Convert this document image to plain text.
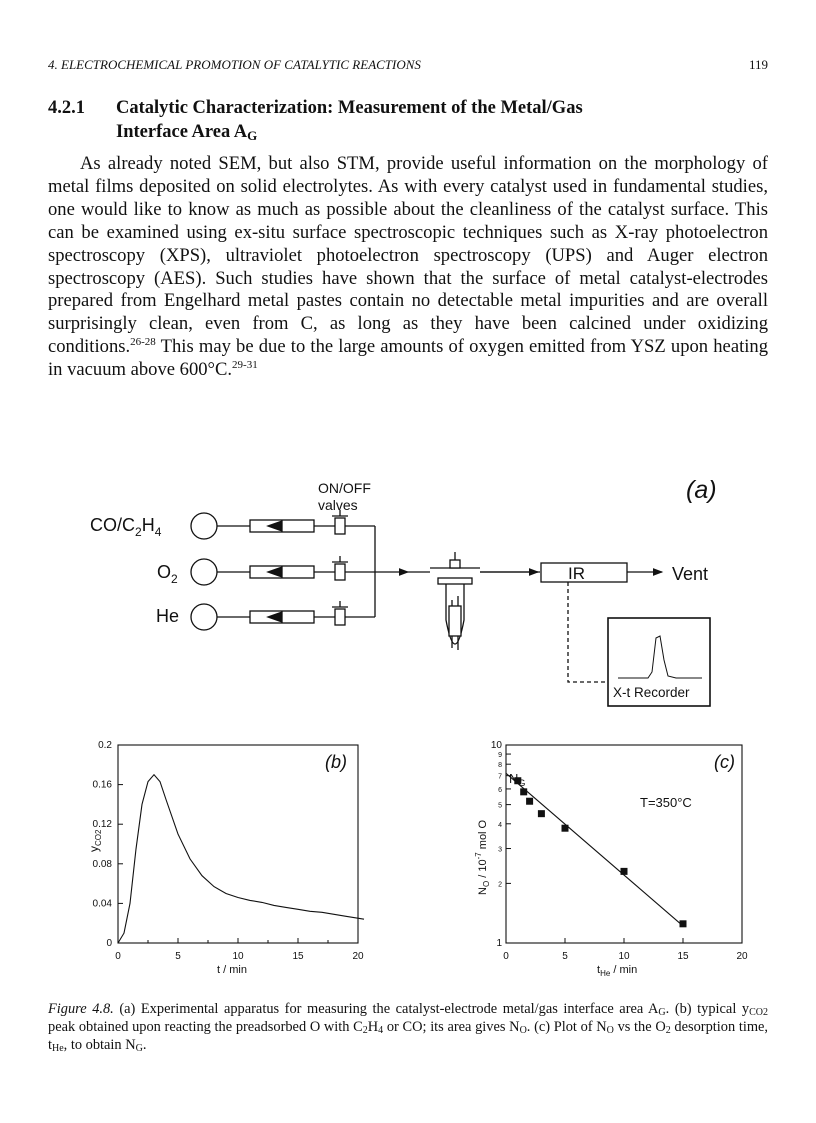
4. ELECTROCHEMICAL PROMOTION OF CATALYTIC REACTIONS	119
4.2.1 Catalytic Characterization: Measurement of the Metal/Gas
Interface Area $A_G$
As already noted SEM, but also STM, provide useful information on the morphology of metal films deposited on solid electrolytes. As with every catalyst used in fundamental studies, one would like to know as much as possible about the cleanliness of the catalyst surface. This can be examined using ex-situ surface spectroscopic techniques such as X-ray photoelectron spectroscopy (XPS), ultraviolet photoelectron spectroscopy (UPS) and Auger electron spectroscopy (AES). Such studies have shown that the surface of metal catalyst-electrodes prepared from Engelhard metal pastes contain no detectable metal impurities and are overall surprisingly clean, even from C, as long as they have been calcined under oxidizing conditions.$^{26-28}$ This may be due to the large amounts of oxygen emitted from YSZ upon heating in vacuum above 600°C.$^{29-31}$
(a)
ON/OFF
valves
$CO/C_2H_4$
$O_2$
He
IR	Vent
X-t Recorder
0	5	10	15	20
0
0.04
0.08
0.12
0.16
0.2
(b)
t / min
$y_{CO2}$
0	5	10	15	20
1
2
3
4
5
6
7
8
9
10
(c)
T=350°C
$N_G$
$t_{He}$ / min
$N_O / 10^{-7}$ mol O
Figure 4.8. (a) Experimental apparatus for measuring the catalyst-electrode metal/gas interface area $A_G$. (b) typical $y_{CO2}$ peak obtained upon reacting the preadsorbed O with $C_2H_4$ or CO; its area gives $N_O$. (c) Plot of $N_O$ vs the $O_2$ desorption time, $t_{He}$, to obtain $N_G$.
